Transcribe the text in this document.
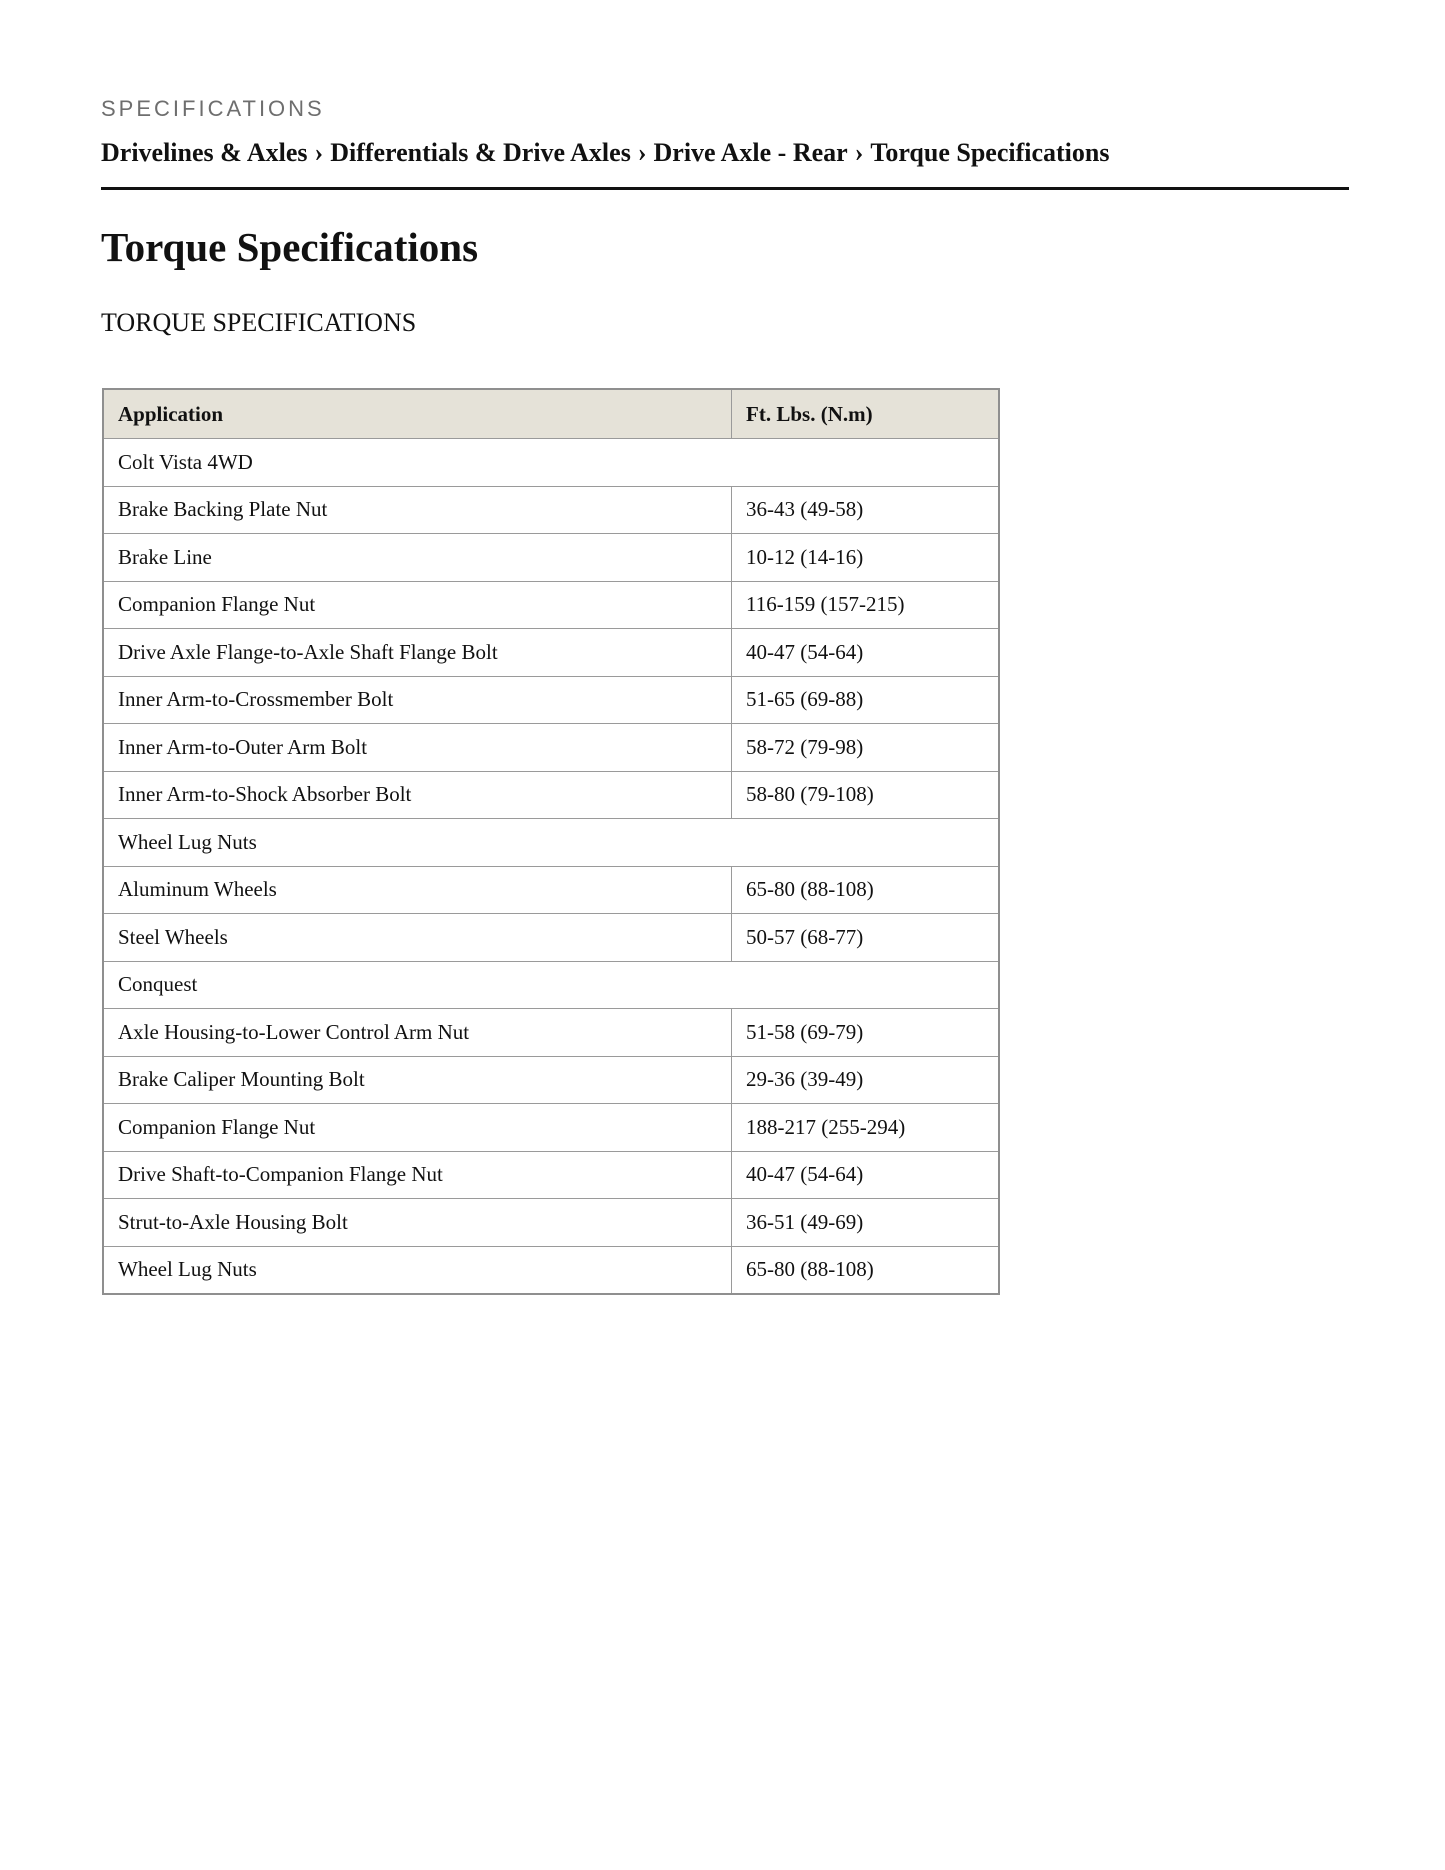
SPECIFICATIONS
Drivelines & Axles › Differentials & Drive Axles › Drive Axle - Rear › Torque Specifications
Torque Specifications
TORQUE SPECIFICATIONS
Application	Ft. Lbs. (N.m)
Colt Vista 4WD	
Brake Backing Plate Nut	36-43 (49-58)
Brake Line	10-12 (14-16)
Companion Flange Nut	116-159 (157-215)
Drive Axle Flange-to-Axle Shaft Flange Bolt	40-47 (54-64)
Inner Arm-to-Crossmember Bolt	51-65 (69-88)
Inner Arm-to-Outer Arm Bolt	58-72 (79-98)
Inner Arm-to-Shock Absorber Bolt	58-80 (79-108)
Wheel Lug Nuts	
Aluminum Wheels	65-80 (88-108)
Steel Wheels	50-57 (68-77)
Conquest	
Axle Housing-to-Lower Control Arm Nut	51-58 (69-79)
Brake Caliper Mounting Bolt	29-36 (39-49)
Companion Flange Nut	188-217 (255-294)
Drive Shaft-to-Companion Flange Nut	40-47 (54-64)
Strut-to-Axle Housing Bolt	36-51 (49-69)
Wheel Lug Nuts	65-80 (88-108)
